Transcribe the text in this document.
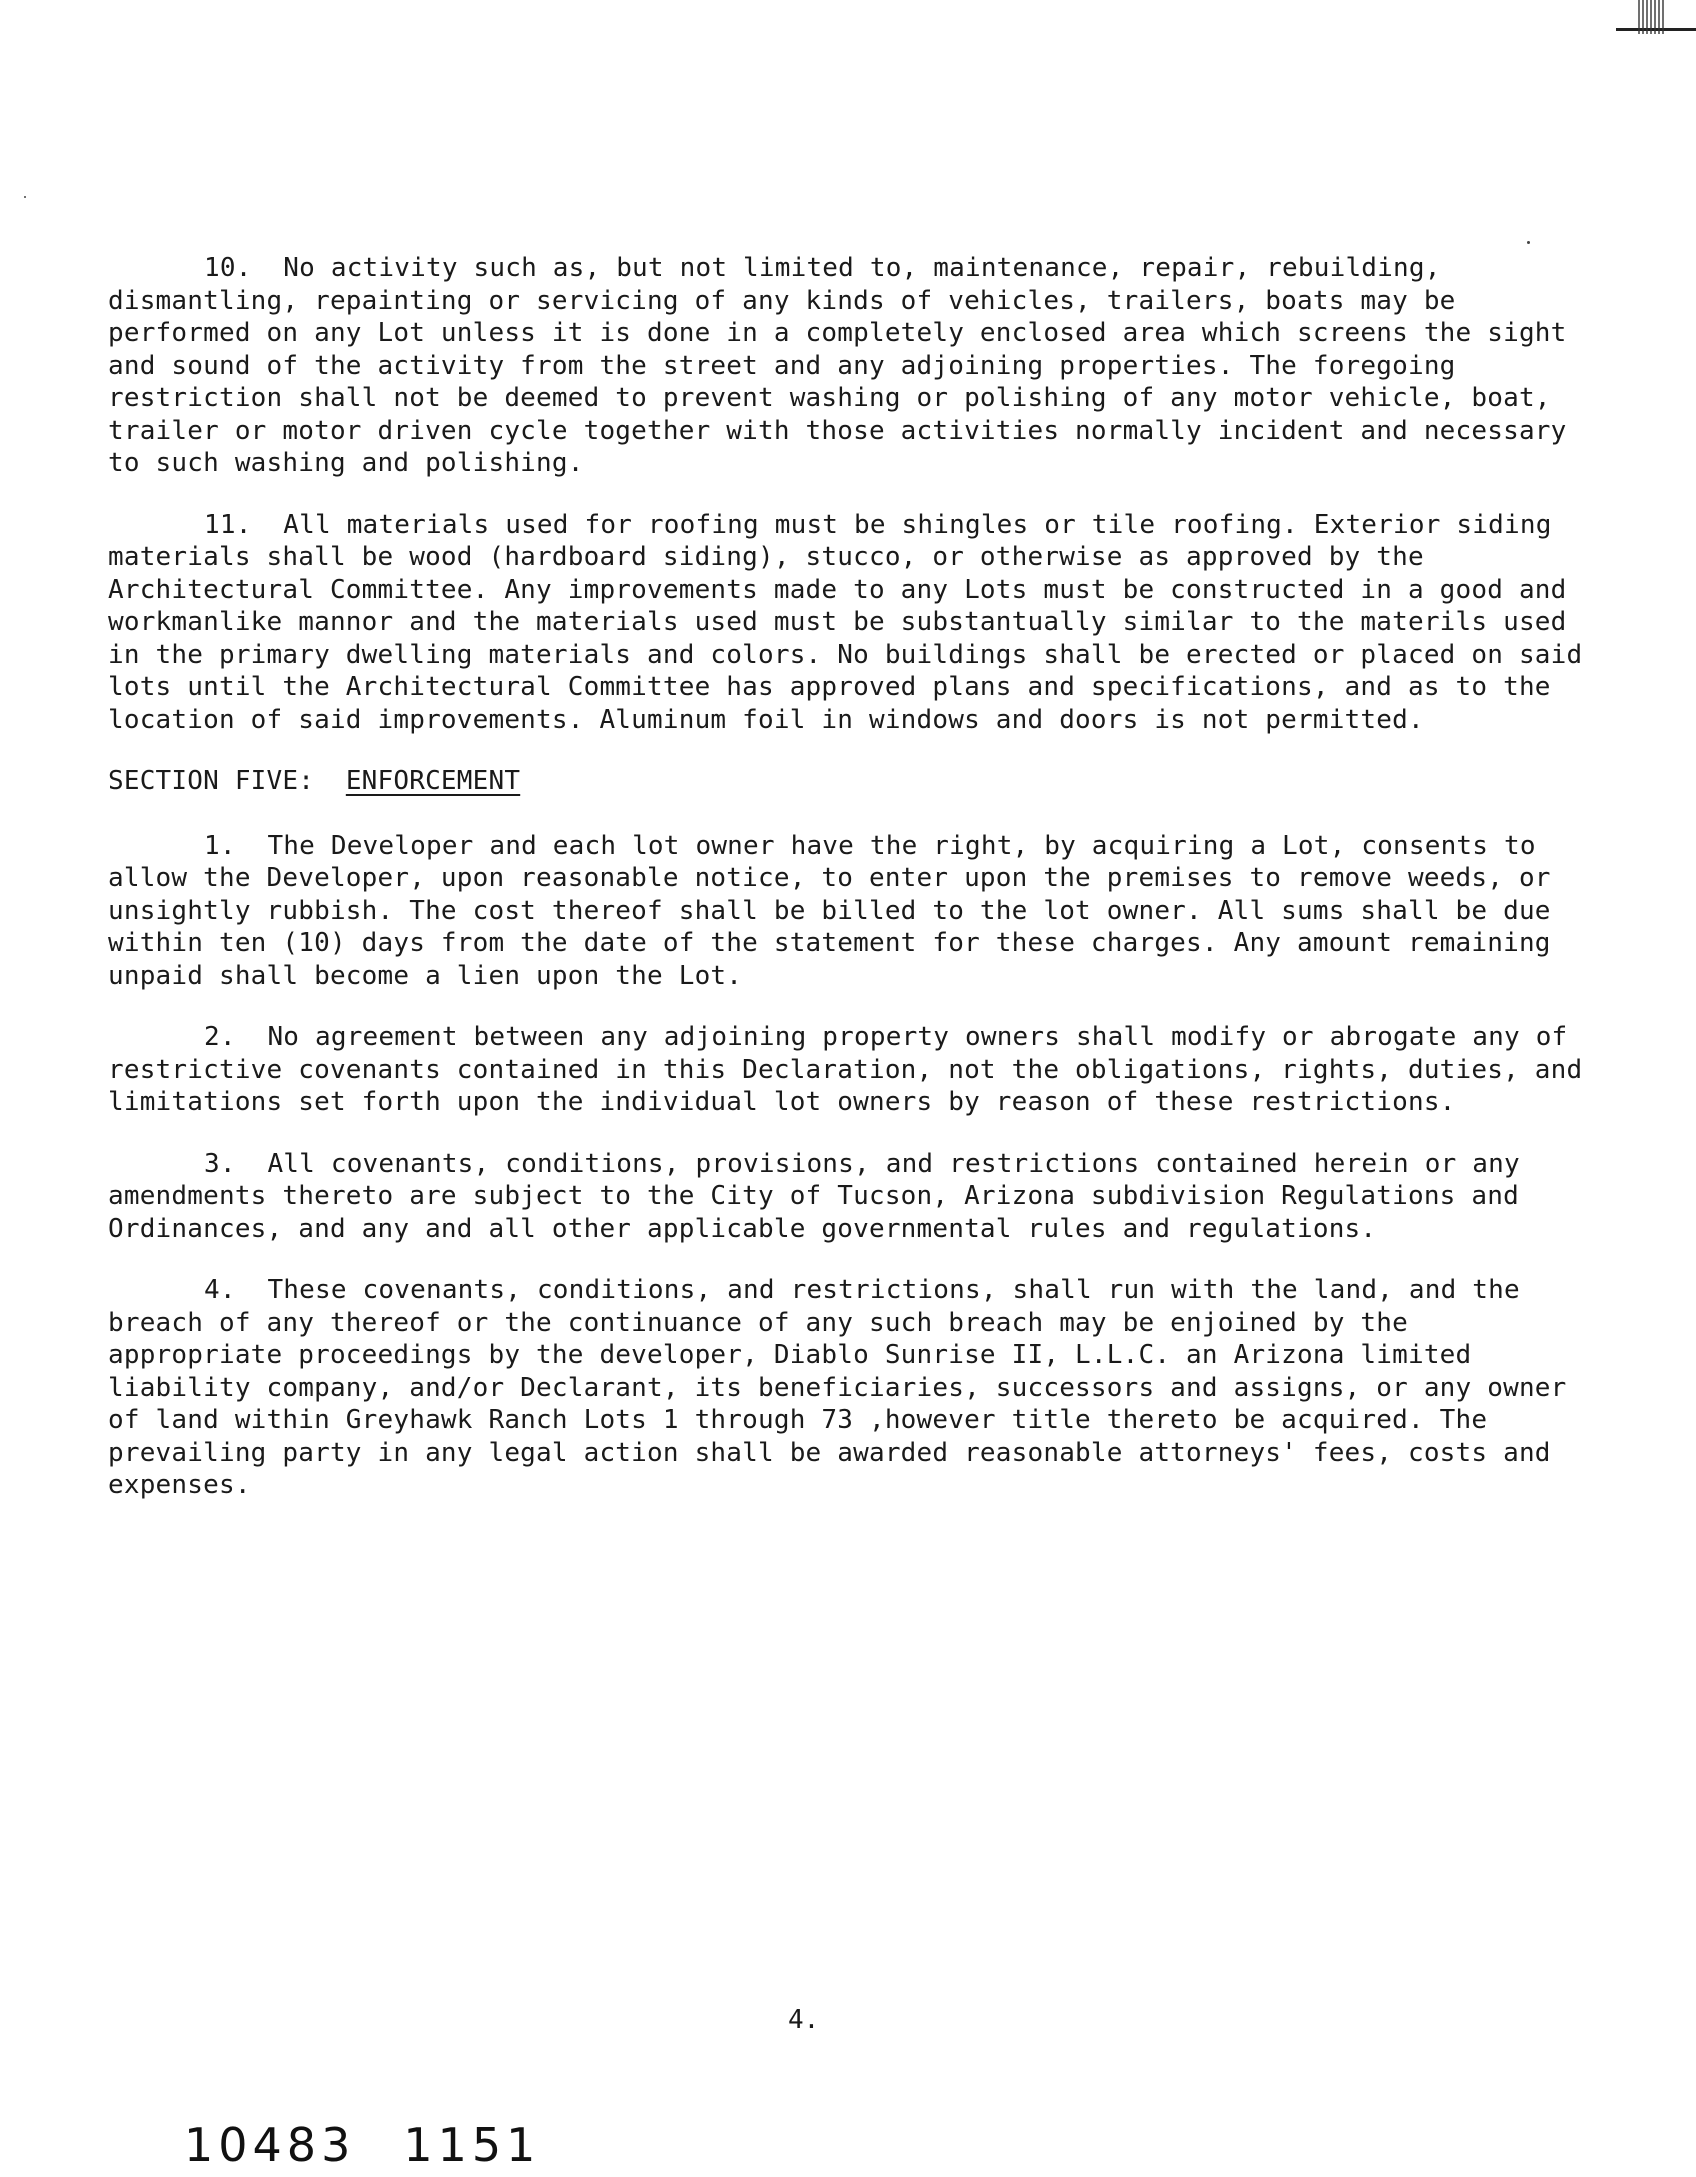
10. No activity such as, but not limited to, maintenance, repair, rebuilding, dismantling, repainting or servicing of any kinds of vehicles, trailers, boats may be performed on any Lot unless it is done in a completely enclosed area which screens the sight and sound of the activity from the street and any adjoining properties. The foregoing restriction shall not be deemed to prevent washing or polishing of any motor vehicle, boat, trailer or motor driven cycle together with those activities normally incident and necessary to such washing and polishing.

11. All materials used for roofing must be shingles or tile roofing. Exterior siding materials shall be wood (hardboard siding), stucco, or otherwise as approved by the Architectural Committee. Any improvements made to any Lots must be constructed in a good and workmanlike mannor and the materials used must be substantually similar to the materils used in the primary dwelling materials and colors. No buildings shall be erected or placed on said lots until the Architectural Committee has approved plans and specifications, and as to the location of said improvements. Aluminum foil in windows and doors is not permitted.

SECTION FIVE: ENFORCEMENT

1. The Developer and each lot owner have the right, by acquiring a Lot, consents to allow the Developer, upon reasonable notice, to enter upon the premises to remove weeds, or unsightly rubbish. The cost thereof shall be billed to the lot owner. All sums shall be due within ten (10) days from the date of the statement for these charges. Any amount remaining unpaid shall become a lien upon the Lot.

2. No agreement between any adjoining property owners shall modify or abrogate any of restrictive covenants contained in this Declaration, not the obligations, rights, duties, and limitations set forth upon the individual lot owners by reason of these restrictions.

3. All covenants, conditions, provisions, and restrictions contained herein or any amendments thereto are subject to the City of Tucson, Arizona subdivision Regulations and Ordinances, and any and all other applicable governmental rules and regulations.

4. These covenants, conditions, and restrictions, shall run with the land, and the breach of any thereof or the continuance of any such breach may be enjoined by the appropriate proceedings by the developer, Diablo Sunrise II, L.L.C. an Arizona limited liability company, and/or Declarant, its beneficiaries, successors and assigns, or any owner of land within Greyhawk Ranch Lots 1 through 73 ,however title thereto be acquired. The prevailing party in any legal action shall be awarded reasonable attorneys' fees, costs and expenses.

4.
10483 1151
